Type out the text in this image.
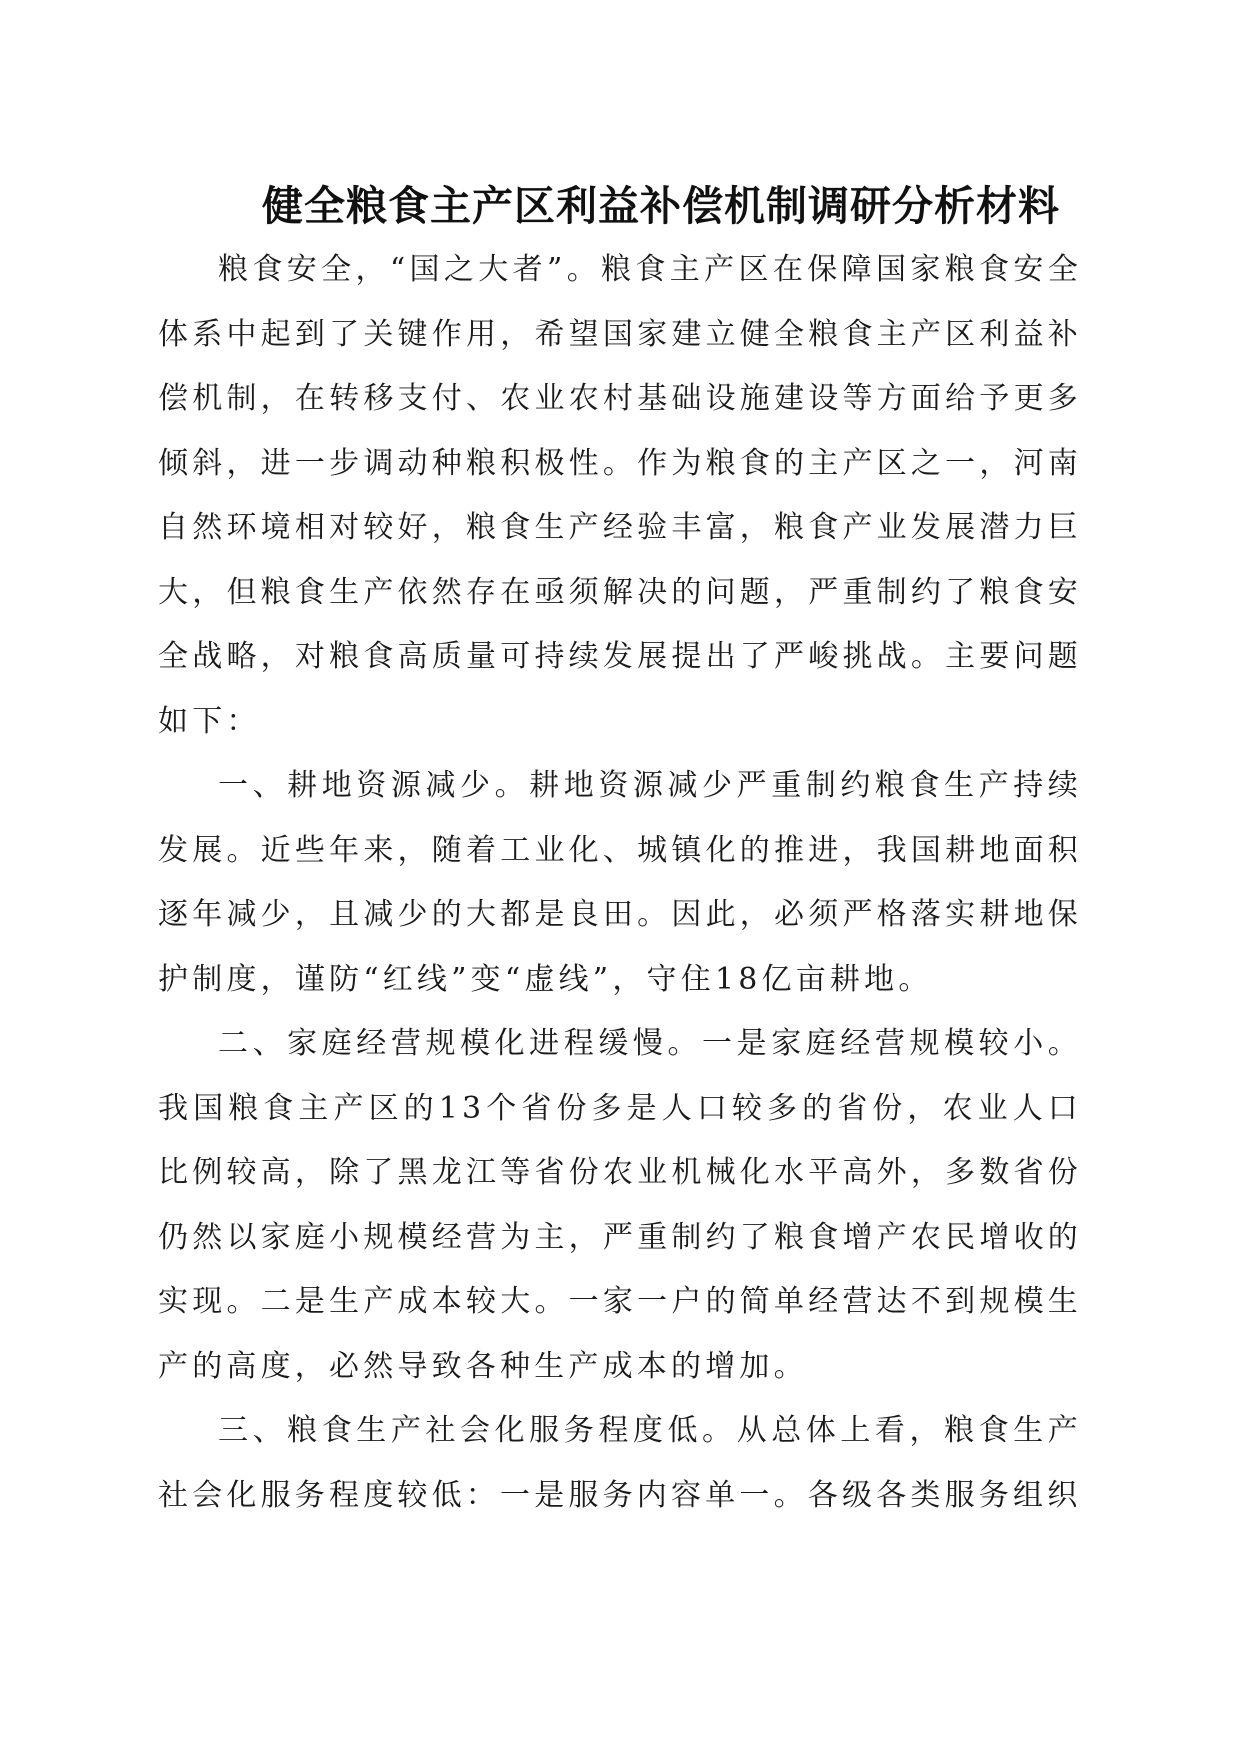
健全粮食主产区利益补偿机制调研分析材料

粮食安全，“国之大者”。粮食主产区在保障国家粮食安全体系中起到了关键作用，希望国家建立健全粮食主产区利益补偿机制，在转移支付、农业农村基础设施建设等方面给予更多倾斜，进一步调动种粮积极性。作为粮食的主产区之一，河南自然环境相对较好，粮食生产经验丰富，粮食产业发展潜力巨大，但粮食生产依然存在亟须解决的问题，严重制约了粮食安全战略，对粮食高质量可持续发展提出了严峻挑战。主要问题如下：

一、耕地资源减少。耕地资源减少严重制约粮食生产持续发展。近些年来，随着工业化、城镇化的推进，我国耕地面积逐年减少，且减少的大都是良田。因此，必须严格落实耕地保护制度，谨防“红线”变“虚线”，守住18亿亩耕地。

二、家庭经营规模化进程缓慢。一是家庭经营规模较小。我国粮食主产区的13个省份多是人口较多的省份，农业人口比例较高，除了黑龙江等省份农业机械化水平高外，多数省份仍然以家庭小规模经营为主，严重制约了粮食增产农民增收的实现。二是生产成本较大。一家一户的简单经营达不到规模生产的高度，必然导致各种生产成本的增加。

三、粮食生产社会化服务程度低。从总体上看，粮食生产社会化服务程度较低：一是服务内容单一。各级各类服务组织
